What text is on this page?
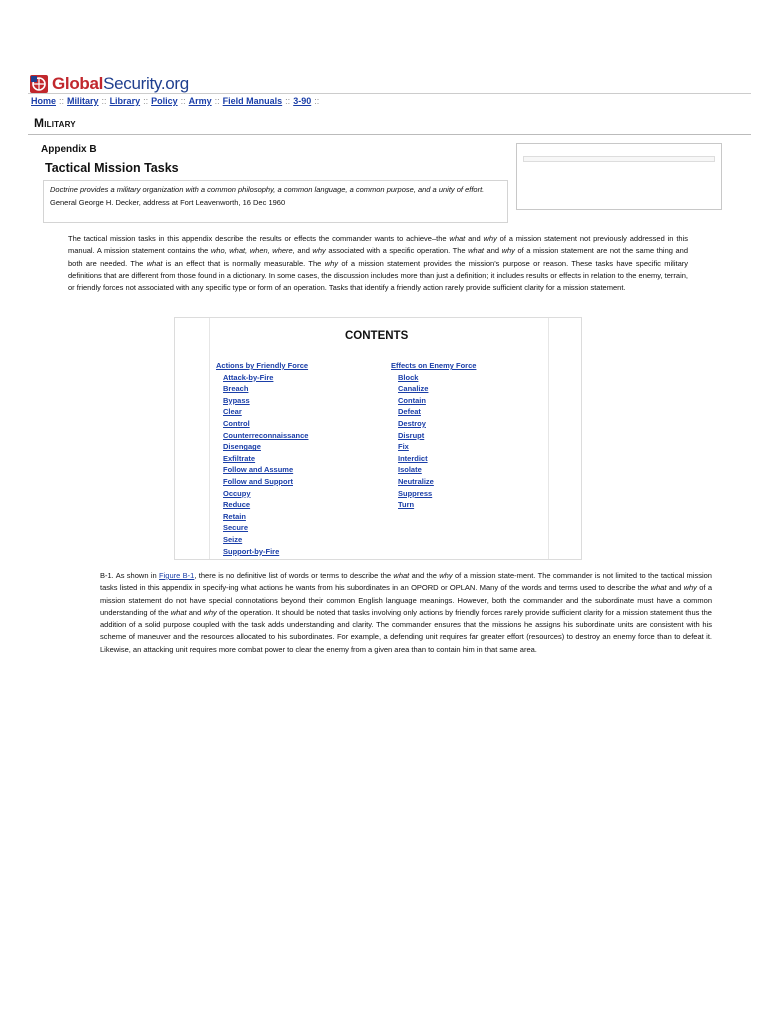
GlobalSecurity.org
Home :: Military :: Library :: Policy :: Army :: Field Manuals :: 3-90 ::
Military
Appendix B
Tactical Mission Tasks
Doctrine provides a military organization with a common philosophy, a common language, a common purpose, and a unity of effort.
General George H. Decker, address at Fort Leavenworth, 16 Dec 1960
The tactical mission tasks in this appendix describe the results or effects the commander wants to achieve–the what and why of a mission statement not previously addressed in this manual. A mission statement contains the who, what, when, where, and why associated with a specific operation. The what and why of a mission statement are not the same thing and both are needed. The what is an effect that is normally measurable. The why of a mission statement provides the mission's purpose or reason. These tasks have specific military definitions that are different from those found in a dictionary. In some cases, the discussion includes more than just a definition; it includes results or effects in relation to the enemy, terrain, or friendly forces not associated with any specific type or form of an operation. Tasks that identify a friendly action rarely provide sufficient clarity for a mission statement.
CONTENTS
Actions by Friendly Force
Attack-by-Fire
Breach
Bypass
Clear
Control
Counterreconnaissance
Disengage
Exfiltrate
Follow and Assume
Follow and Support
Occupy
Reduce
Retain
Secure
Seize
Support-by-Fire
Effects on Enemy Force
Block
Canalize
Contain
Defeat
Destroy
Disrupt
Fix
Interdict
Isolate
Neutralize
Suppress
Turn
B-1. As shown in Figure B-1, there is no definitive list of words or terms to describe the what and the why of a mission state-ment. The commander is not limited to the tactical mission tasks listed in this appendix in specify-ing what actions he wants from his subordinates in an OPORD or OPLAN. Many of the words and terms used to describe the what and why of a mission statement do not have special connotations beyond their common English language meanings. However, both the commander and the subordinate must have a common understanding of the what and why of the operation. It should be noted that tasks involving only actions by friendly forces rarely provide sufficient clarity for a mission statement thus the addition of a solid purpose coupled with the task adds understanding and clarity. The commander ensures that the missions he assigns his subordinate units are consistent with his scheme of maneuver and the resources allocated to his subordinates. For example, a defending unit requires far greater effort (resources) to destroy an enemy force than to defeat it. Likewise, an attacking unit requires more combat power to clear the enemy from a given area than to contain him in that same area.
